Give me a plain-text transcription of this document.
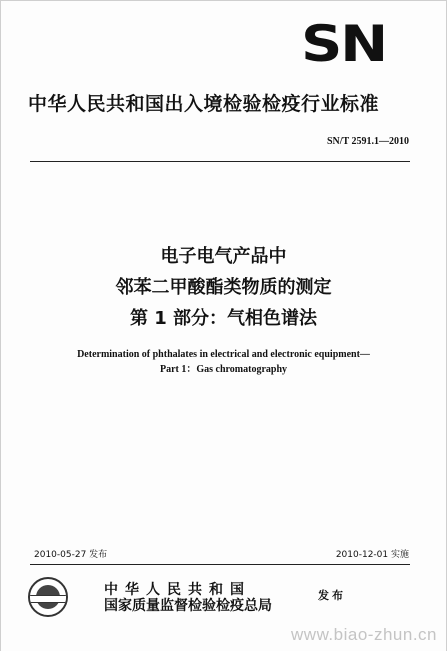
SN
中华人民共和国出入境检验检疫行业标准
SN/T 2591.1—2010
电子电气产品中
邻苯二甲酸酯类物质的测定
第 1 部分：气相色谱法
Determination of phthalates in electrical and electronic equipment—
Part 1：Gas chromatography
2010-05-27 发布	2010-12-01 实施
中华人民共和国
国家质量监督检验检疫总局
发布
www.biao-zhun.cn
